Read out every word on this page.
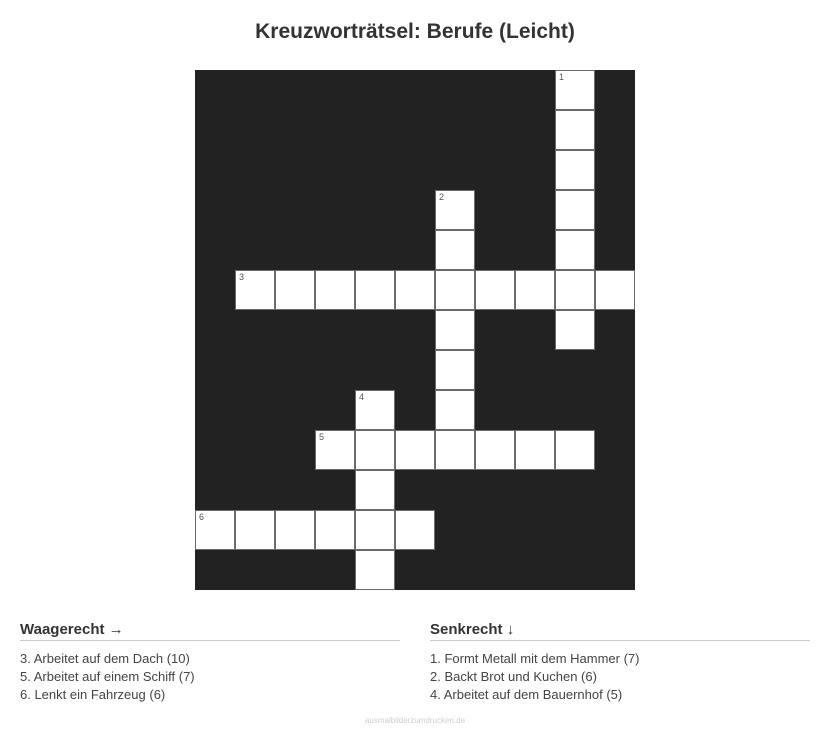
Kreuzworträtsel: Berufe (Leicht)
1
2
3
4
5
6
Waagerecht →
3. Arbeitet auf dem Dach (10)
5. Arbeitet auf einem Schiff (7)
6. Lenkt ein Fahrzeug (6)
Senkrecht ↓
1. Formt Metall mit dem Hammer (7)
2. Backt Brot und Kuchen (6)
4. Arbeitet auf dem Bauernhof (5)
ausmalbilderzumdrucken.de
